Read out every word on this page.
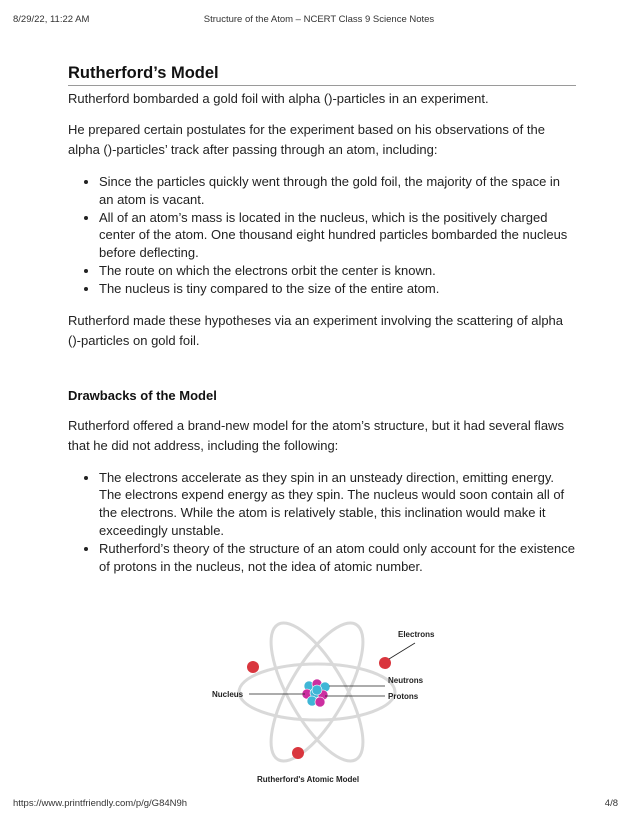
8/29/22, 11:22 AM	Structure of the Atom – NCERT Class 9 Science Notes
Rutherford’s Model

Rutherford bombarded a gold foil with alpha ()-particles in an experiment.

He prepared certain postulates for the experiment based on his observations of the alpha ()-particles’ track after passing through an atom, including:

• Since the particles quickly went through the gold foil, the majority of the space in an atom is vacant.
• All of an atom’s mass is located in the nucleus, which is the positively charged center of the atom. One thousand eight hundred particles bombarded the nucleus before deflecting.
• The route on which the electrons orbit the center is known.
• The nucleus is tiny compared to the size of the entire atom.

Rutherford made these hypotheses via an experiment involving the scattering of alpha ()-particles on gold foil.

Drawbacks of the Model

Rutherford offered a brand-new model for the atom’s structure, but it had several flaws that he did not address, including the following:

• The electrons accelerate as they spin in an unsteady direction, emitting energy. The electrons expend energy as they spin. The nucleus would soon contain all of the electrons. While the atom is relatively stable, this inclination would make it exceedingly unstable.
• Rutherford’s theory of the structure of an atom could only account for the existence of protons in the nucleus, not the idea of atomic number.
Electrons
Neutrons
Protons
Nucleus
Rutherford's Atomic Model
https://www.printfriendly.com/p/g/G84N9h	4/8
